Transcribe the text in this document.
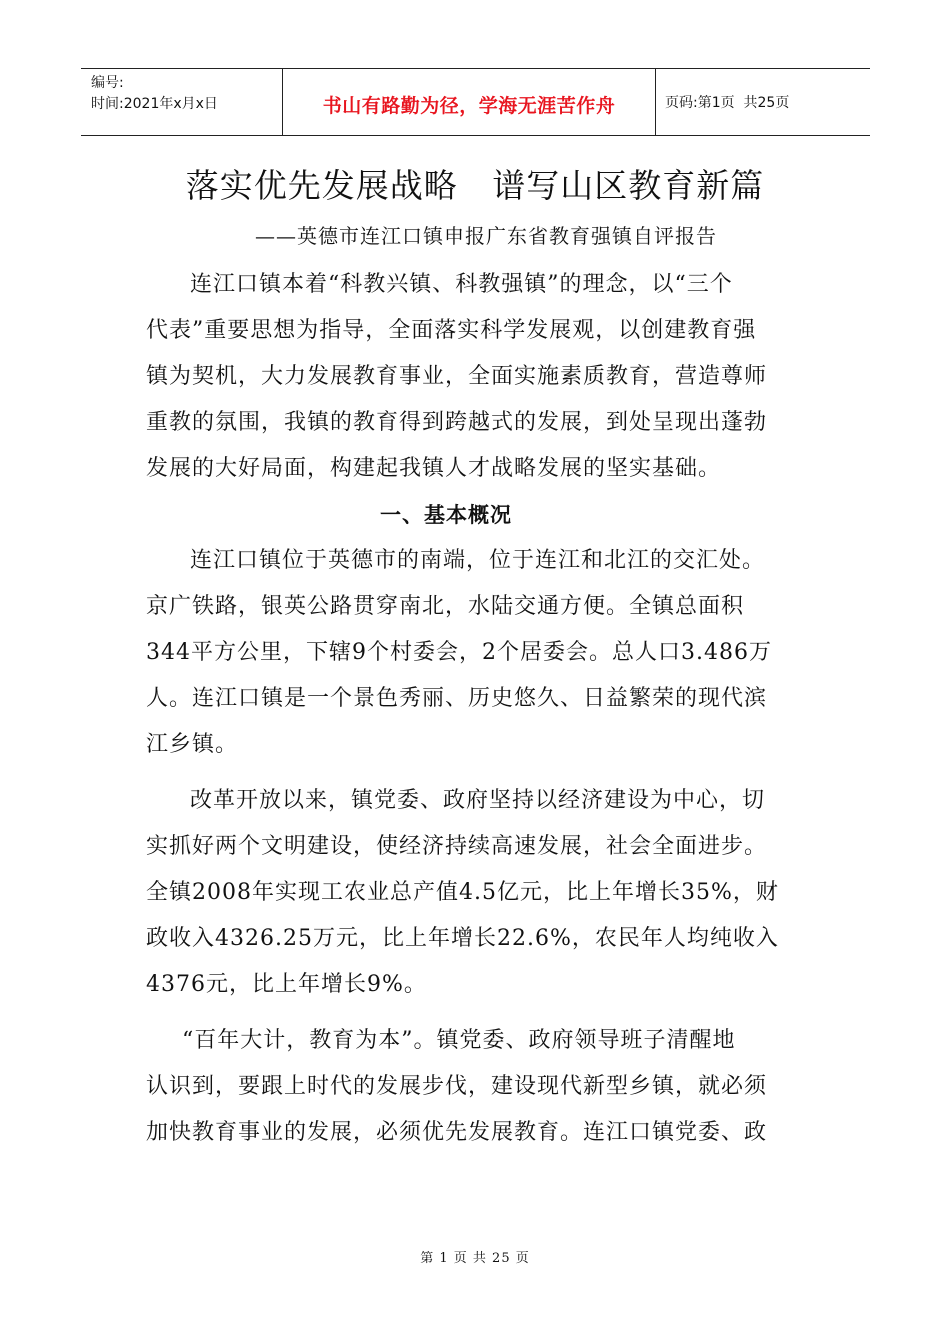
编号:
时间:2021年x月x日	书山有路勤为径，学海无涯苦作舟	页码:第1页  共25页
落实优先发展战略   谱写山区教育新篇
——英德市连江口镇申报广东省教育强镇自评报告
连江口镇本着“科教兴镇、科教强镇”的理念，以“三个
代表”重要思想为指导，全面落实科学发展观，以创建教育强
镇为契机，大力发展教育事业，全面实施素质教育，营造尊师
重教的氛围，我镇的教育得到跨越式的发展，到处呈现出蓬勃
发展的大好局面，构建起我镇人才战略发展的坚实基础。
一、基本概况
连江口镇位于英德市的南端，位于连江和北江的交汇处。
京广铁路，银英公路贯穿南北，水陆交通方便。全镇总面积
344平方公里，下辖9个村委会，2个居委会。总人口3.486万
人。连江口镇是一个景色秀丽、历史悠久、日益繁荣的现代滨
江乡镇。
改革开放以来，镇党委、政府坚持以经济建设为中心，切
实抓好两个文明建设，使经济持续高速发展，社会全面进步。
全镇2008年实现工农业总产值4.5亿元，比上年增长35%，财
政收入4326.25万元，比上年增长22.6%，农民年人均纯收入
4376元，比上年增长9%。
“百年大计，教育为本”。镇党委、政府领导班子清醒地
认识到，要跟上时代的发展步伐，建设现代新型乡镇，就必须
加快教育事业的发展，必须优先发展教育。连江口镇党委、政
第 1 页 共 25 页
